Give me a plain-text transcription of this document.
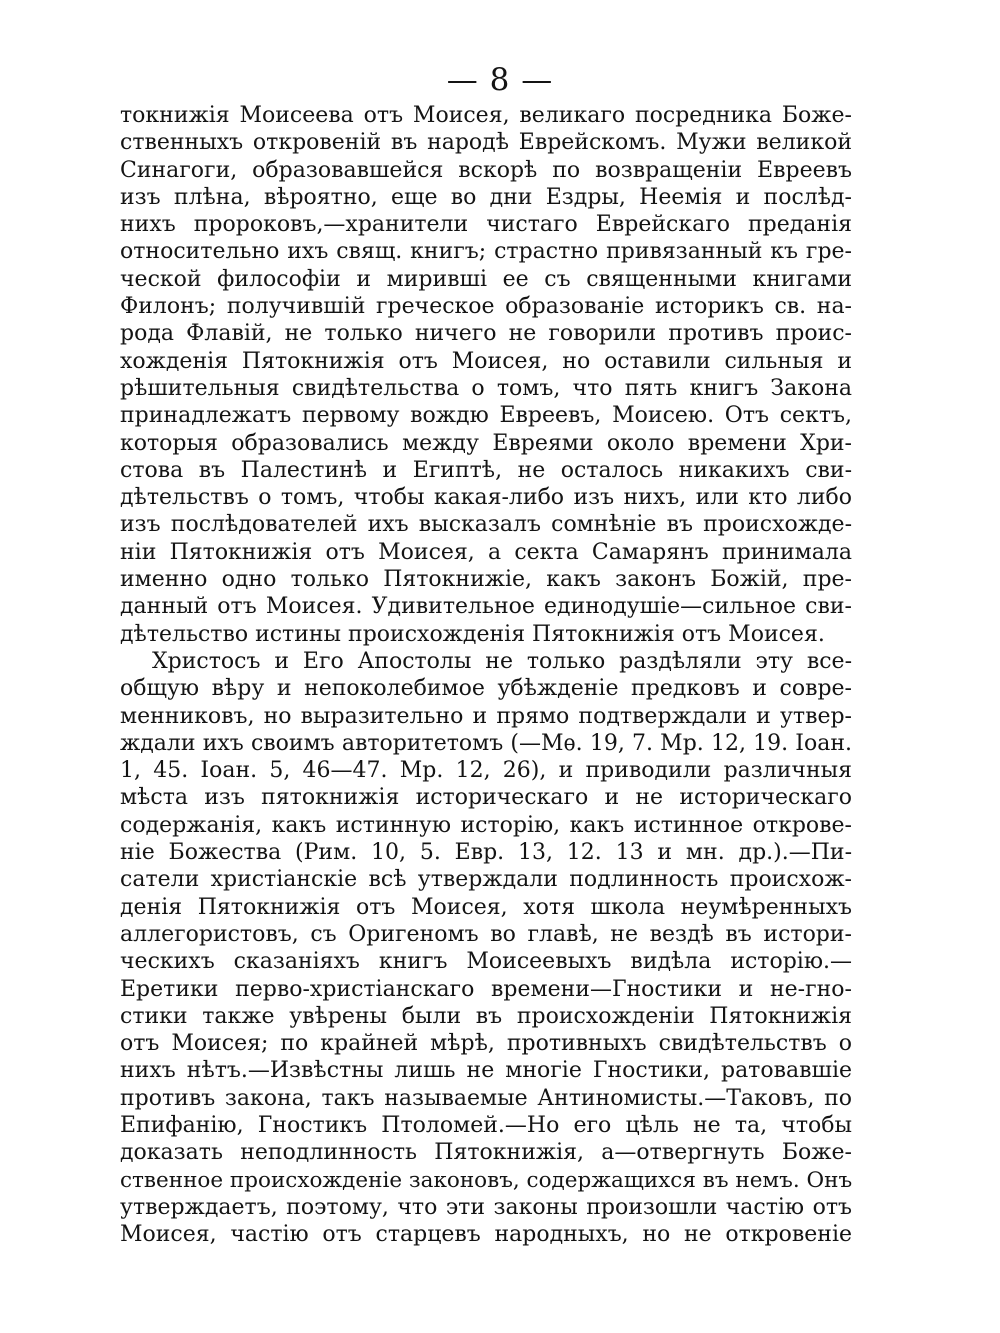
— 8 —
токнижія Моисеева отъ Моисея, великаго посредника Боже-
ственныхъ откровеній въ народѣ Еврейскомъ. Мужи великой
Синагоги, образовавшейся вскорѣ по возвращеніи Евреевъ
изъ плѣна, вѣроятно, еще во дни Ездры, Неемія и послѣд-
нихъ пророковъ,—хранители чистаго Еврейскаго преданія
относительно ихъ свящ. книгъ; страстно привязанный къ гре-
ческой философіи и миривші ее съ священными книгами
Филонъ; получившій греческое образованіе историкъ св. на-
рода Флавій, не только ничего не говорили противъ проис-
хожденія Пятокнижія отъ Моисея, но оставили сильныя и
рѣшительныя свидѣтельства о томъ, что пять книгъ Закона
принадлежатъ первому вождю Евреевъ, Моисею. Отъ сектъ,
которыя образовались между Евреями около времени Хри-
стова въ Палестинѣ и Египтѣ, не осталось никакихъ сви-
дѣтельствъ о томъ, чтобы какая-либо изъ нихъ, или кто либо
изъ послѣдователей ихъ высказалъ сомнѣніе въ происхожде-
ніи Пятокнижія отъ Моисея, а секта Самарянъ принимала
именно одно только Пятокнижіе, какъ законъ Божій, пре-
данный отъ Моисея. Удивительное единодушіе—сильное сви-
дѣтельство истины происхожденія Пятокнижія отъ Моисея.
Христосъ и Его Апостолы не только раздѣляли эту все-
общую вѣру и непоколебимое убѣжденіе предковъ и совре-
менниковъ, но выразительно и прямо подтверждали и утвер-
ждали ихъ своимъ авторитетомъ (—Мѳ. 19, 7. Мр. 12, 19. Іоан.
1, 45. Іоан. 5, 46—47. Мр. 12, 26), и приводили различныя
мѣста изъ пятокнижія историческаго и не историческаго
содержанія, какъ истинную исторію, какъ истинное открове-
ніе Божества (Рим. 10, 5. Евр. 13, 12. 13 и мн. др.).—Пи-
сатели христіанскіе всѣ утверждали подлинность происхож-
денія Пятокнижія отъ Моисея, хотя школа неумѣренныхъ
аллегористовъ, съ Оригеномъ во главѣ, не вездѣ въ истори-
ческихъ сказаніяхъ книгъ Моисеевыхъ видѣла исторію.—
Еретики перво-христіанскаго времени—Гностики и не-гно-
стики также увѣрены были въ происхожденіи Пятокнижія
отъ Моисея; по крайней мѣрѣ, противныхъ свидѣтельствъ о
нихъ нѣтъ.—Извѣстны лишь не многіе Гностики, ратовавшіе
противъ закона, такъ называемые Антиномисты.—Таковъ, по
Епифанію, Гностикъ Птоломей.—Но его цѣль не та, чтобы
доказать неподлинность Пятокнижія, а—отвергнуть Боже-
ственное происхожденіе законовъ, содержащихся въ немъ. Онъ
утверждаетъ, поэтому, что эти законы произошли частію отъ
Моисея, частію отъ старцевъ народныхъ, но не откровеніе
